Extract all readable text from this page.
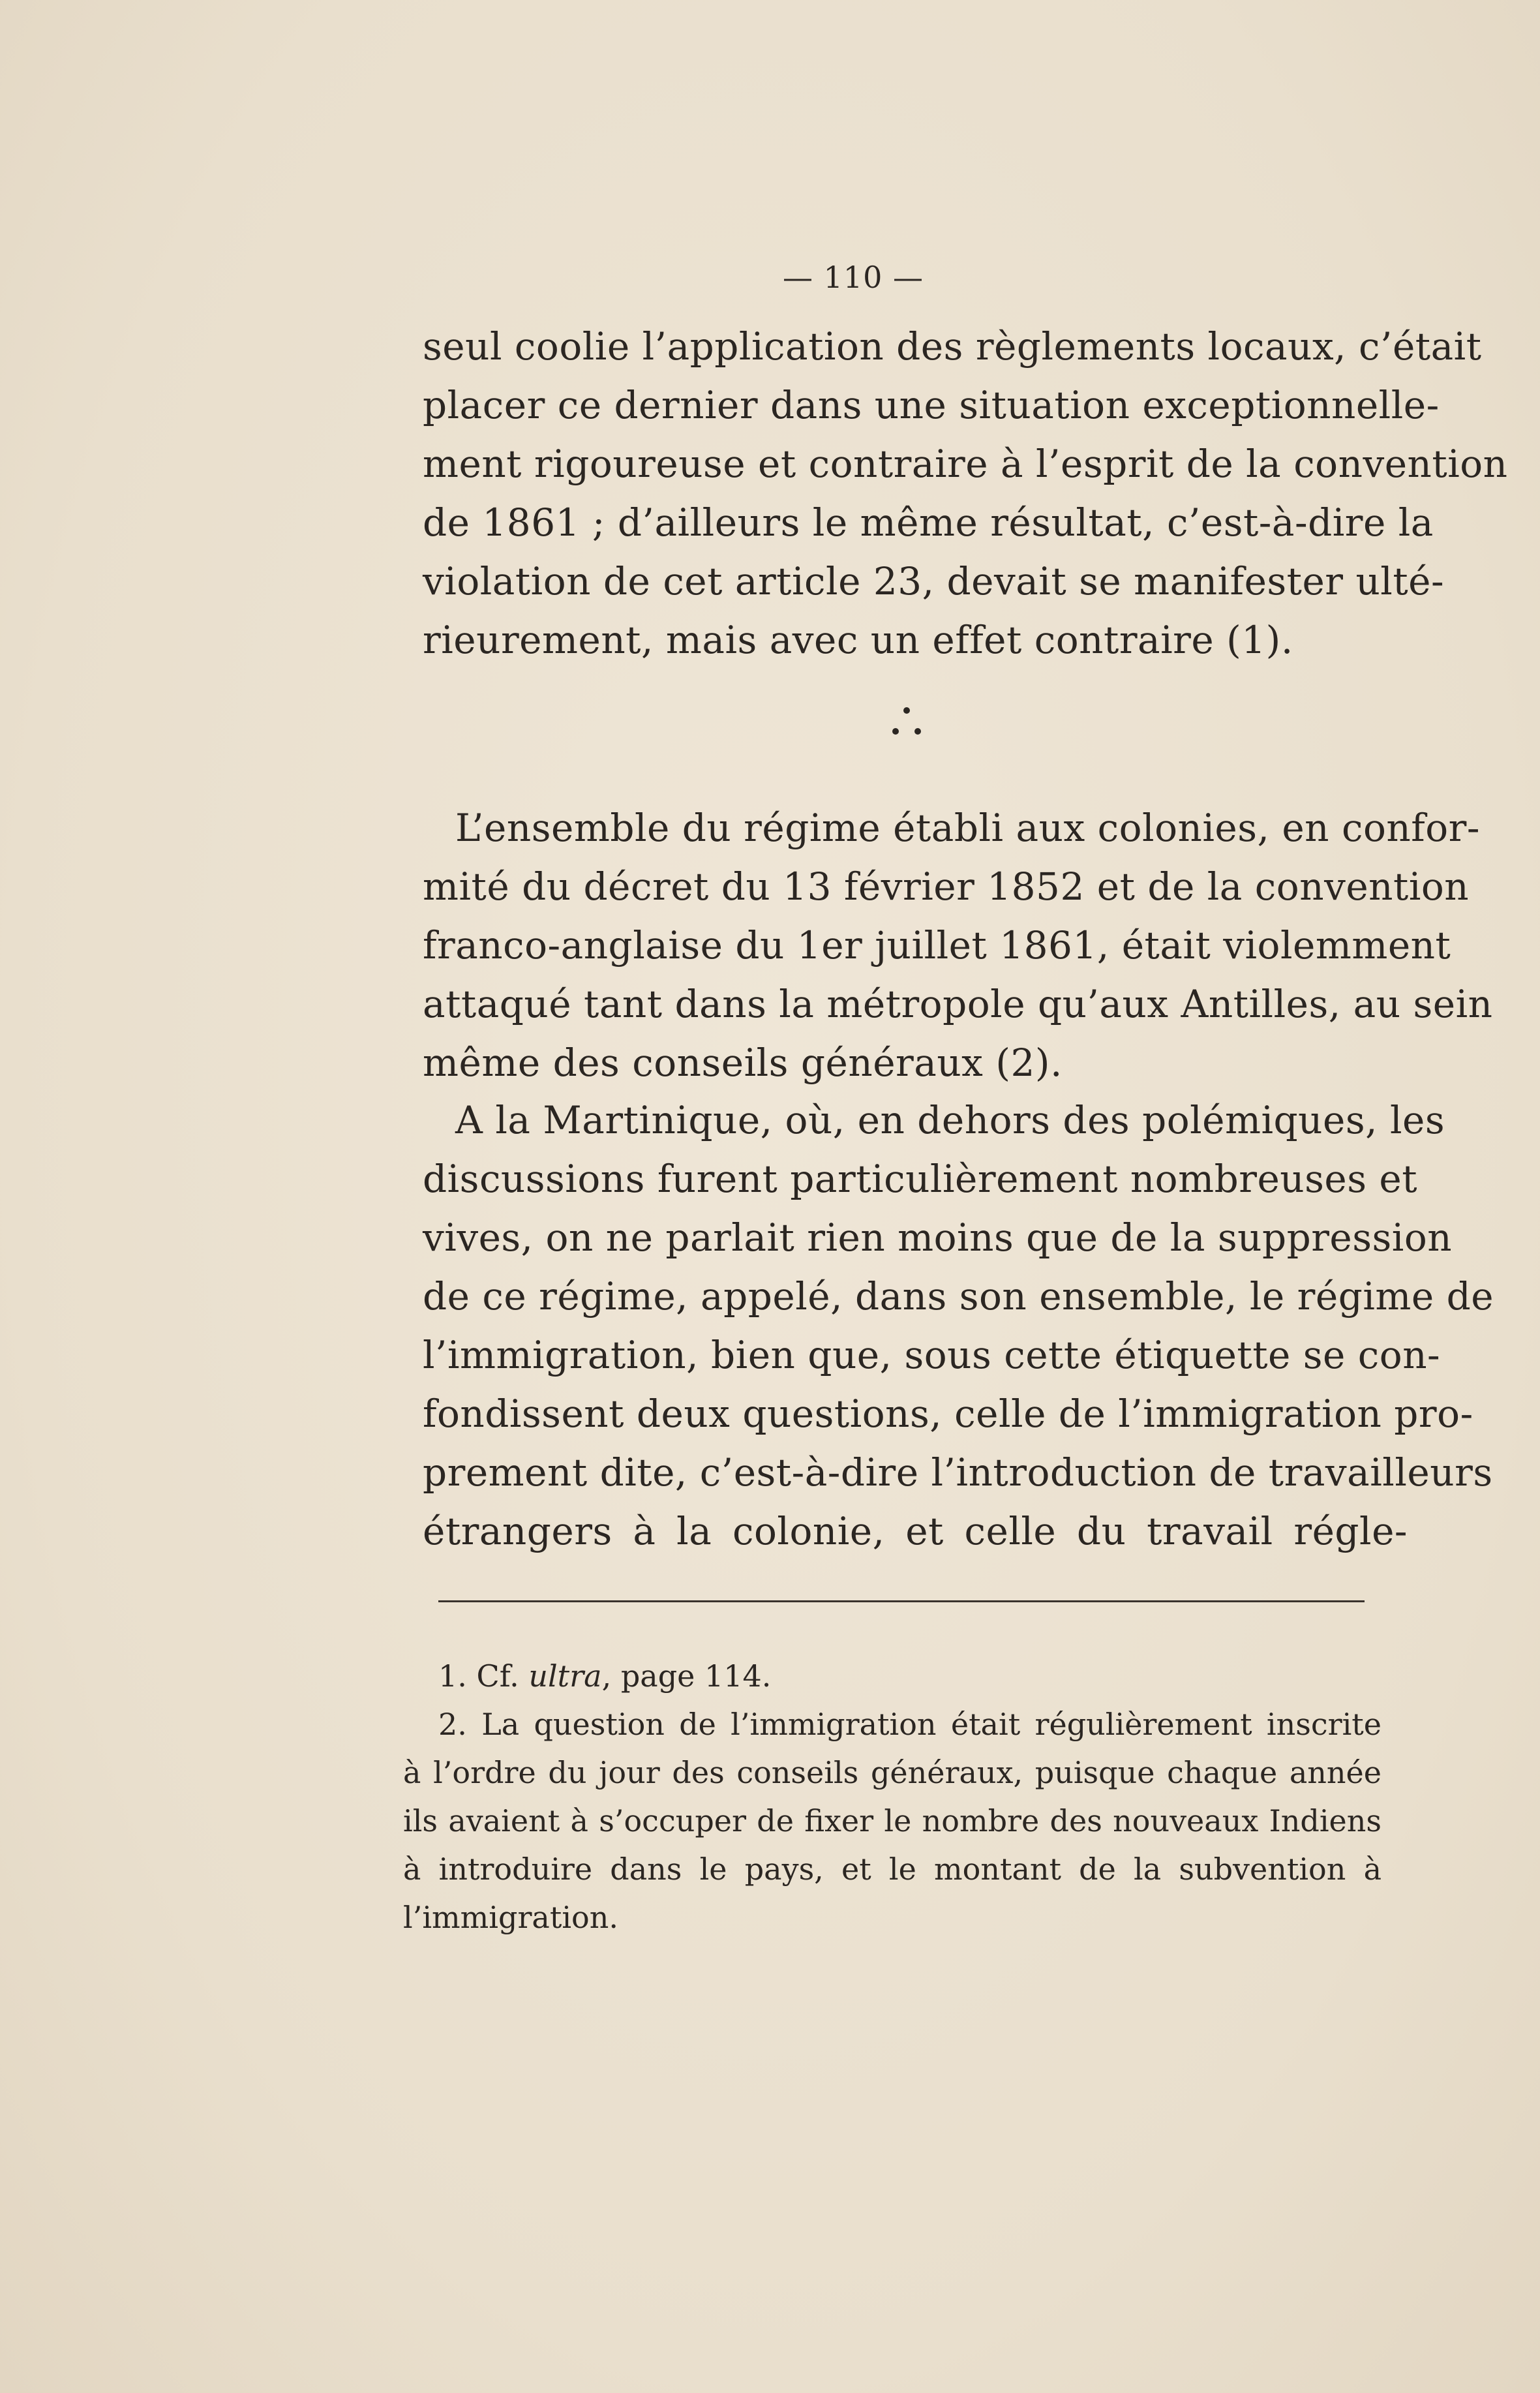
— 110 —
seul coolie l’application des règlements locaux, c’était
placer ce dernier dans une situation exceptionnelle-
ment rigoureuse et contraire à l’esprit de la convention
de 1861 ; d’ailleurs le même résultat, c’est-à-dire la
violation de cet article 23, devait se manifester ulté-
rieurement, mais avec un effet contraire (1).
L’ensemble du régime établi aux colonies, en confor-
mité du décret du 13 février 1852 et de la convention
franco-anglaise du 1er juillet 1861, était violemment
attaqué tant dans la métropole qu’aux Antilles, au sein
même des conseils généraux (2).
A la Martinique, où, en dehors des polémiques, les
discussions furent particulièrement nombreuses et
vives, on ne parlait rien moins que de la suppression
de ce régime, appelé, dans son ensemble, le régime de
l’immigration, bien que, sous cette étiquette se con-
fondissent deux questions, celle de l’immigration pro-
prement dite, c’est-à-dire l’introduction de travailleurs
étrangers à la colonie, et celle du travail régle-
1. Cf. ultra, page 114.
2. La question de l’immigration était régulièrement inscrite
à l’ordre du jour des conseils généraux, puisque chaque année
ils avaient à s’occuper de fixer le nombre des nouveaux Indiens
à introduire dans le pays, et le montant de la subvention à
l’immigration.
